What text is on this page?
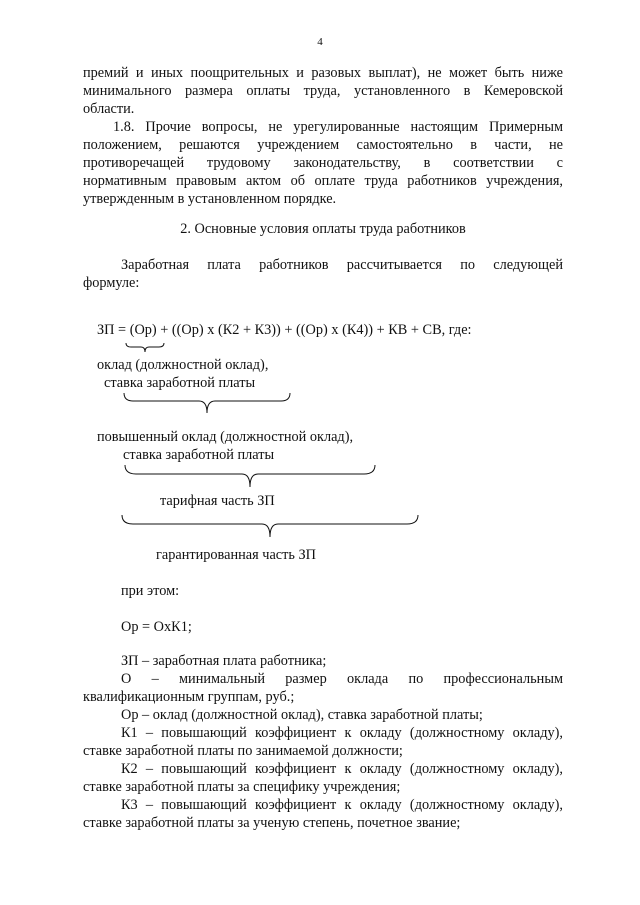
4
премий и иных поощрительных и разовых выплат), не может быть ниже
минимального размера оплаты труда, установленного в Кемеровской
области.
1.8. Прочие вопросы, не урегулированные настоящим Примерным
положением, решаются учреждением самостоятельно в части, не
противоречащей трудовому законодательству, в соответствии с
нормативным правовым актом об оплате труда работников учреждения,
утвержденным в установленном порядке.
2. Основные условия оплаты труда работников
Заработная плата работников рассчитывается по следующей
формуле:
ЗП = (Ор) + ((Ор) х (К2 + К3)) + ((Ор) х (К4)) + КВ + СВ, где:
оклад (должностной оклад),
ставка заработной платы
повышенный оклад (должностной оклад),
ставка заработной платы
тарифная часть ЗП
гарантированная часть ЗП
при этом:
Ор = ОхК1;
ЗП – заработная плата работника;
О – минимальный размер оклада по профессиональным
квалификационным группам, руб.;
Ор – оклад (должностной оклад), ставка заработной платы;
К1 – повышающий коэффициент к окладу (должностному окладу),
ставке заработной платы по занимаемой должности;
К2 – повышающий коэффициент к окладу (должностному окладу),
ставке заработной платы за специфику учреждения;
К3 – повышающий коэффициент к окладу (должностному окладу),
ставке заработной платы за ученую степень, почетное звание;
